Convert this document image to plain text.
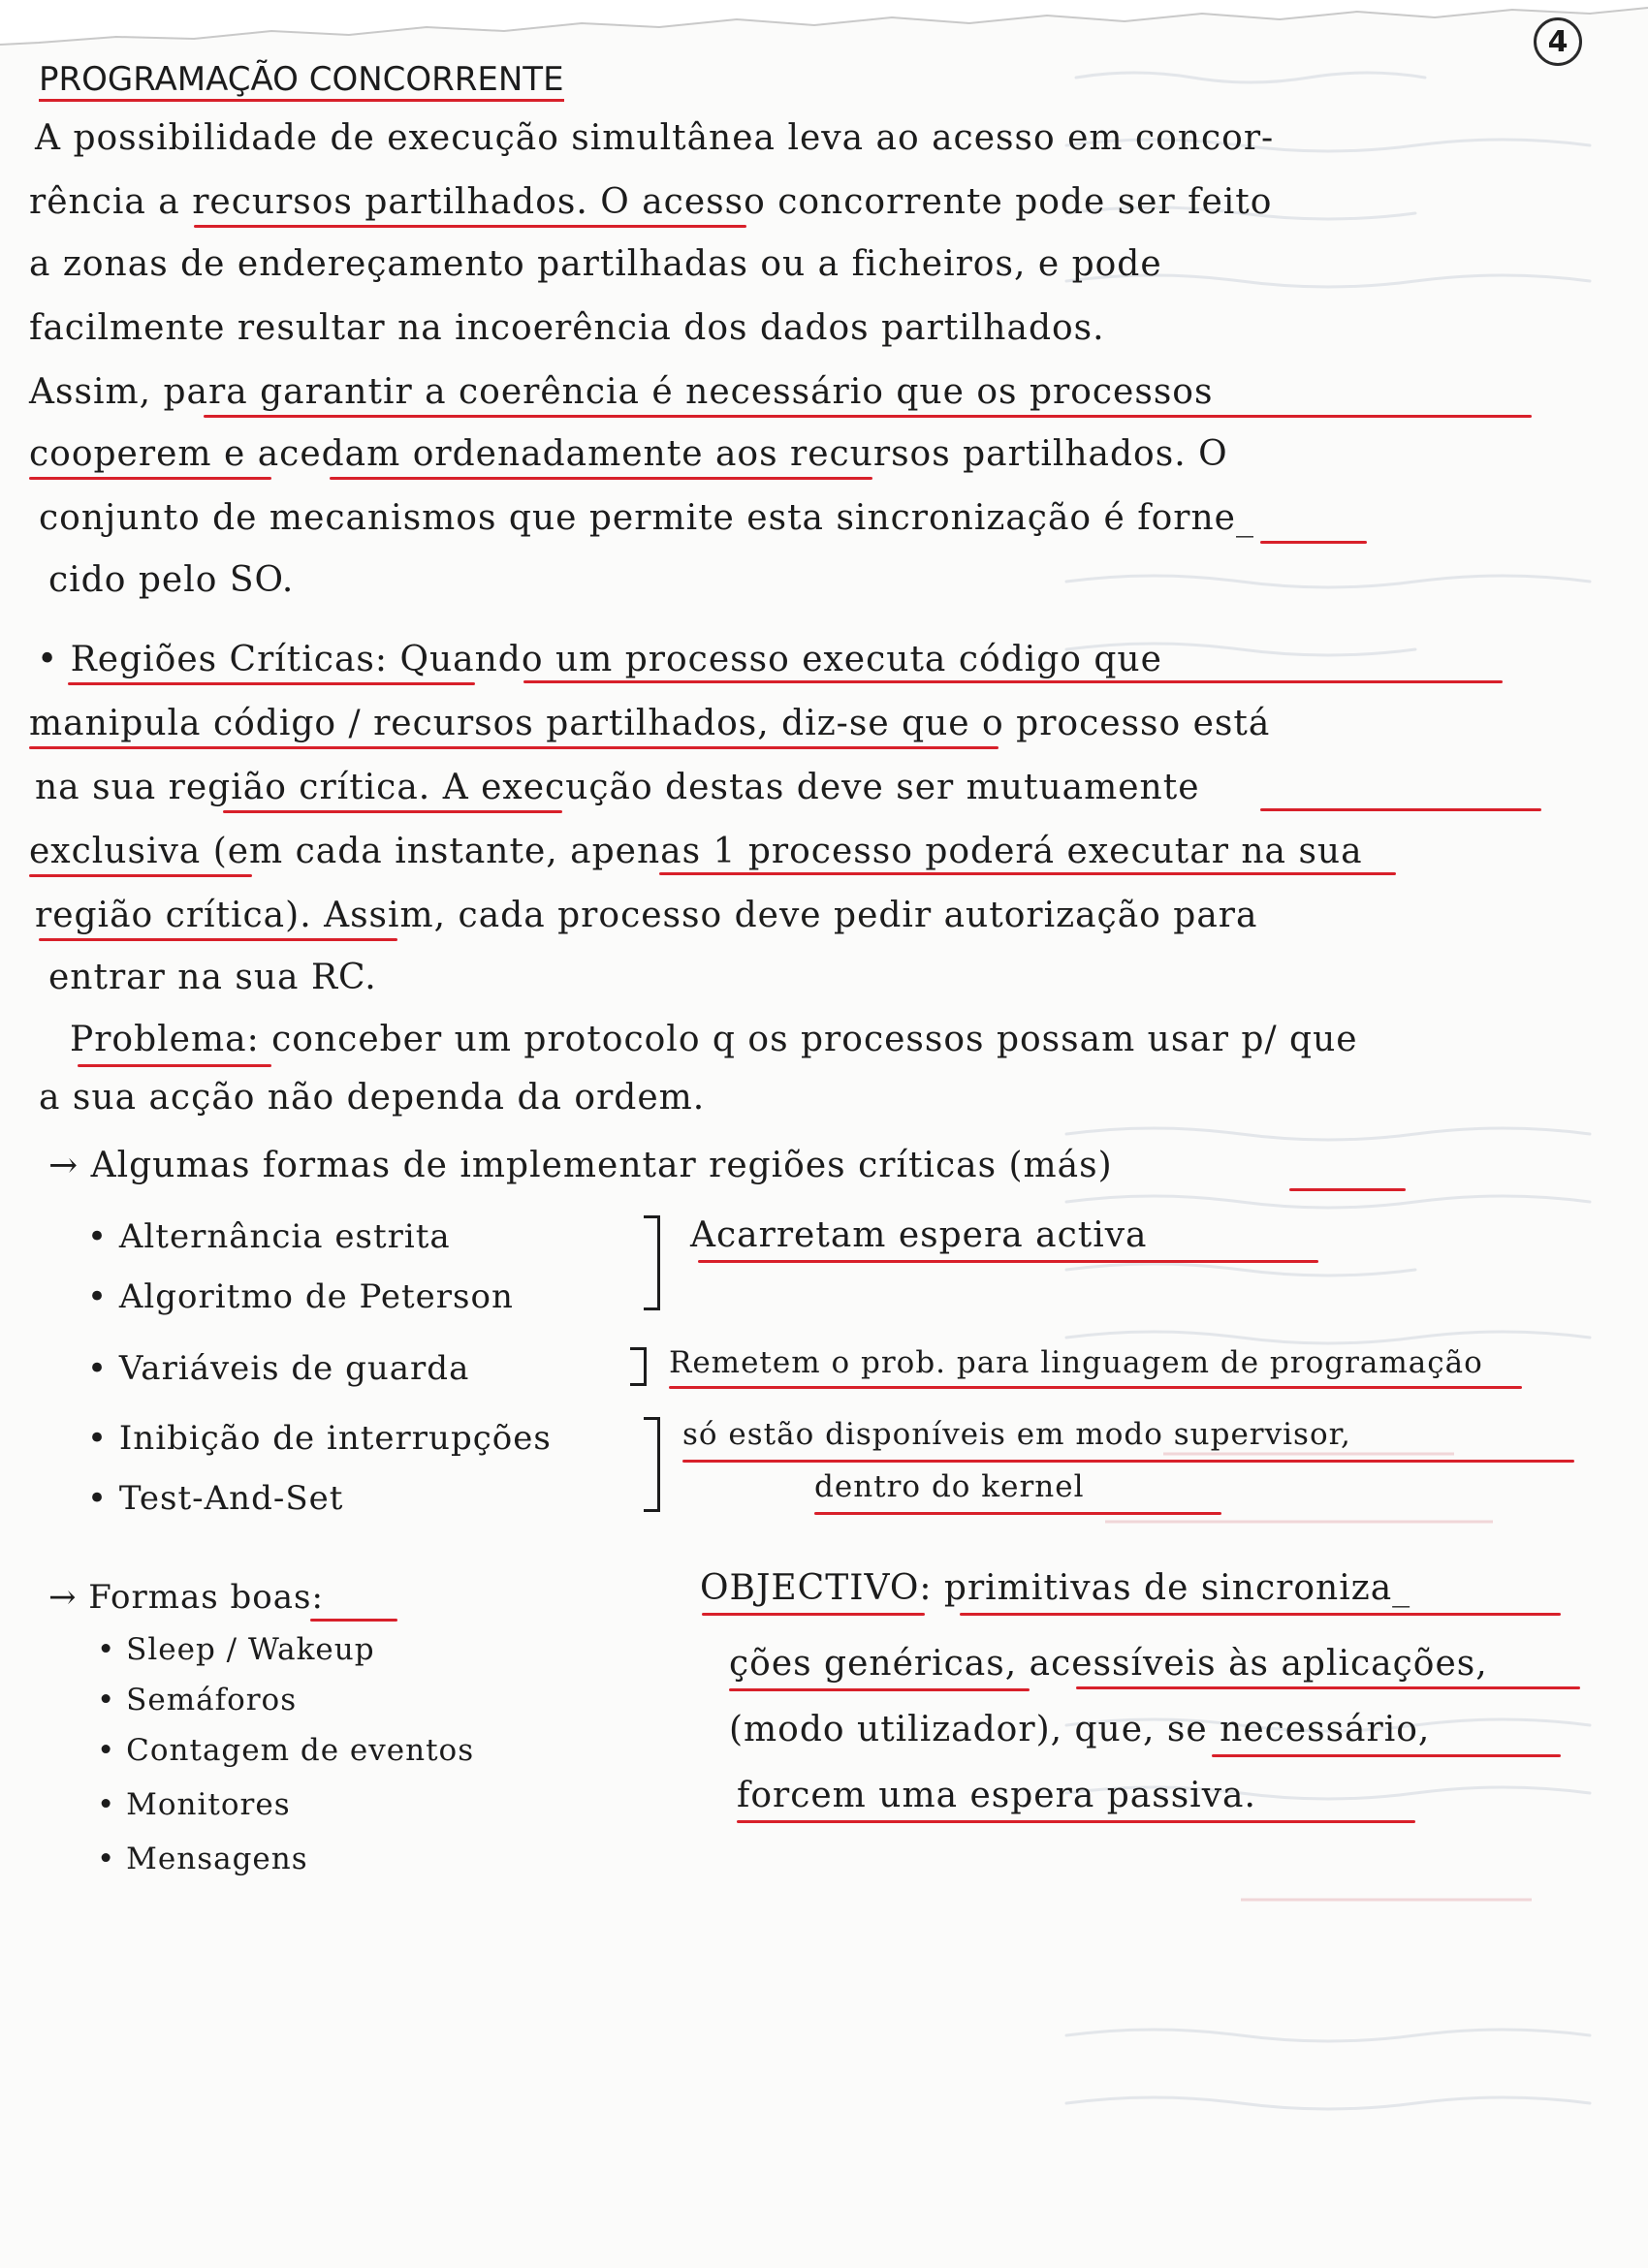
4
PROGRAMAÇÃO CONCORRENTE
A possibilidade de execução simultânea leva ao acesso em concor-
rência a recursos partilhados. O acesso concorrente pode ser feito
a zonas de endereçamento partilhadas ou a ficheiros, e pode
facilmente resultar na incoerência dos dados partilhados.
Assim, para garantir a coerência é necessário que os processos
cooperem e acedam ordenadamente aos recursos partilhados. O
conjunto de mecanismos que permite esta sincronização é forne_
cido pelo SO.
• Regiões Críticas: Quando um processo executa código que
manipula código / recursos partilhados, diz-se que o processo está
na sua região crítica. A execução destas deve ser mutuamente
exclusiva (em cada instante, apenas 1 processo poderá executar na sua
região crítica). Assim, cada processo deve pedir autorização para
entrar na sua RC.
Problema: conceber um protocolo q os processos possam usar p/ que
a sua acção não dependa da ordem.
→ Algumas formas de implementar regiões críticas (más)
• Alternância estrita
• Algoritmo de Peterson
Acarretam espera activa
• Variáveis de guarda	Remetem o prob. para linguagem de programação
• Inibição de interrupções
• Test-And-Set
só estão disponíveis em modo supervisor,
dentro do kernel
→ Formas boas:
• Sleep / Wakeup
• Semáforos
• Contagem de eventos
• Monitores
• Mensagens
OBJECTIVO: primitivas de sincroniza_
ções genéricas, acessíveis às aplicações,
(modo utilizador), que, se necessário,
forcem uma espera passiva.
